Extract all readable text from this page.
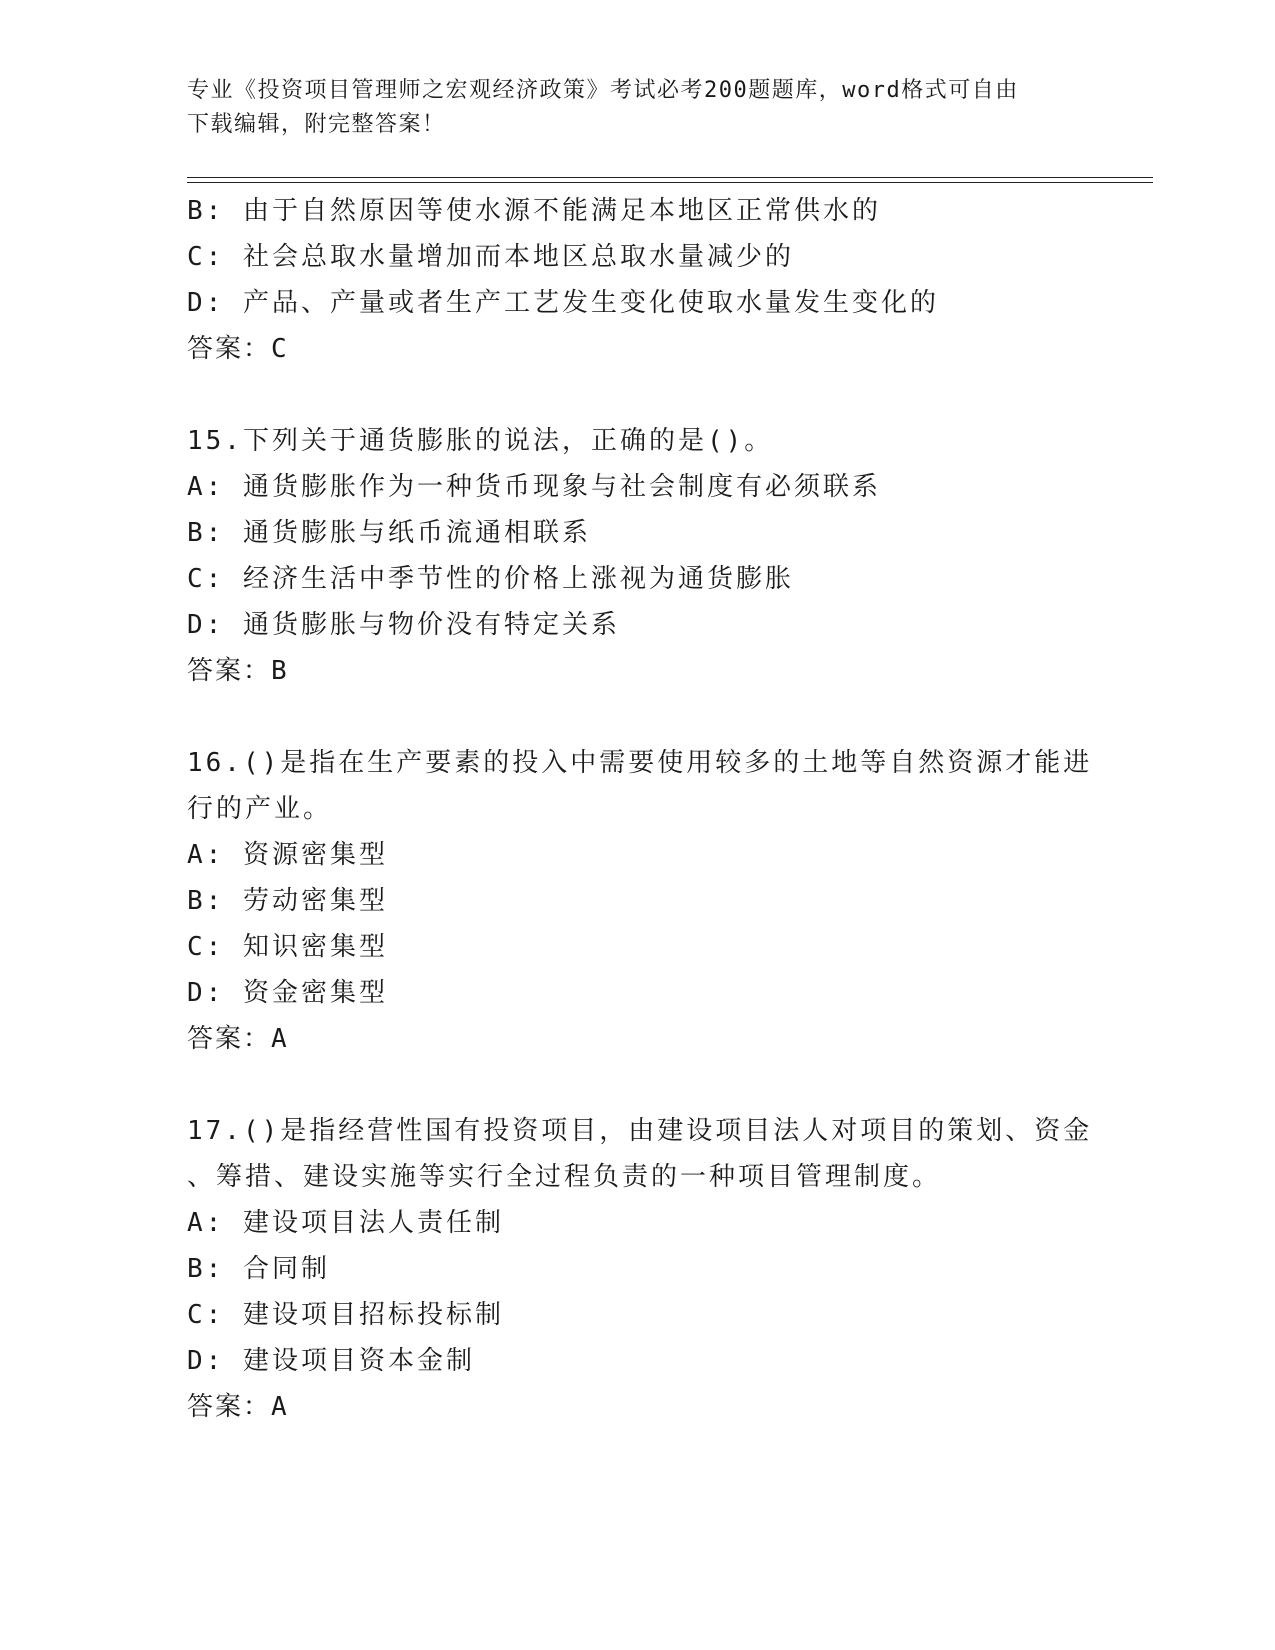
专业《投资项目管理师之宏观经济政策》考试必考200题题库，word格式可自由
下载编辑，附完整答案！
B: 由于自然原因等使水源不能满足本地区正常供水的
C: 社会总取水量增加而本地区总取水量减少的
D: 产品、产量或者生产工艺发生变化使取水量发生变化的
答案：C
15.下列关于通货膨胀的说法，正确的是()。
A: 通货膨胀作为一种货币现象与社会制度有必须联系
B: 通货膨胀与纸币流通相联系
C: 经济生活中季节性的价格上涨视为通货膨胀
D: 通货膨胀与物价没有特定关系
答案：B
16.()是指在生产要素的投入中需要使用较多的土地等自然资源才能进
行的产业。
A: 资源密集型
B: 劳动密集型
C: 知识密集型
D: 资金密集型
答案：A
17.()是指经营性国有投资项目，由建设项目法人对项目的策划、资金
、筹措、建设实施等实行全过程负责的一种项目管理制度。
A: 建设项目法人责任制
B: 合同制
C: 建设项目招标投标制
D: 建设项目资本金制
答案：A
